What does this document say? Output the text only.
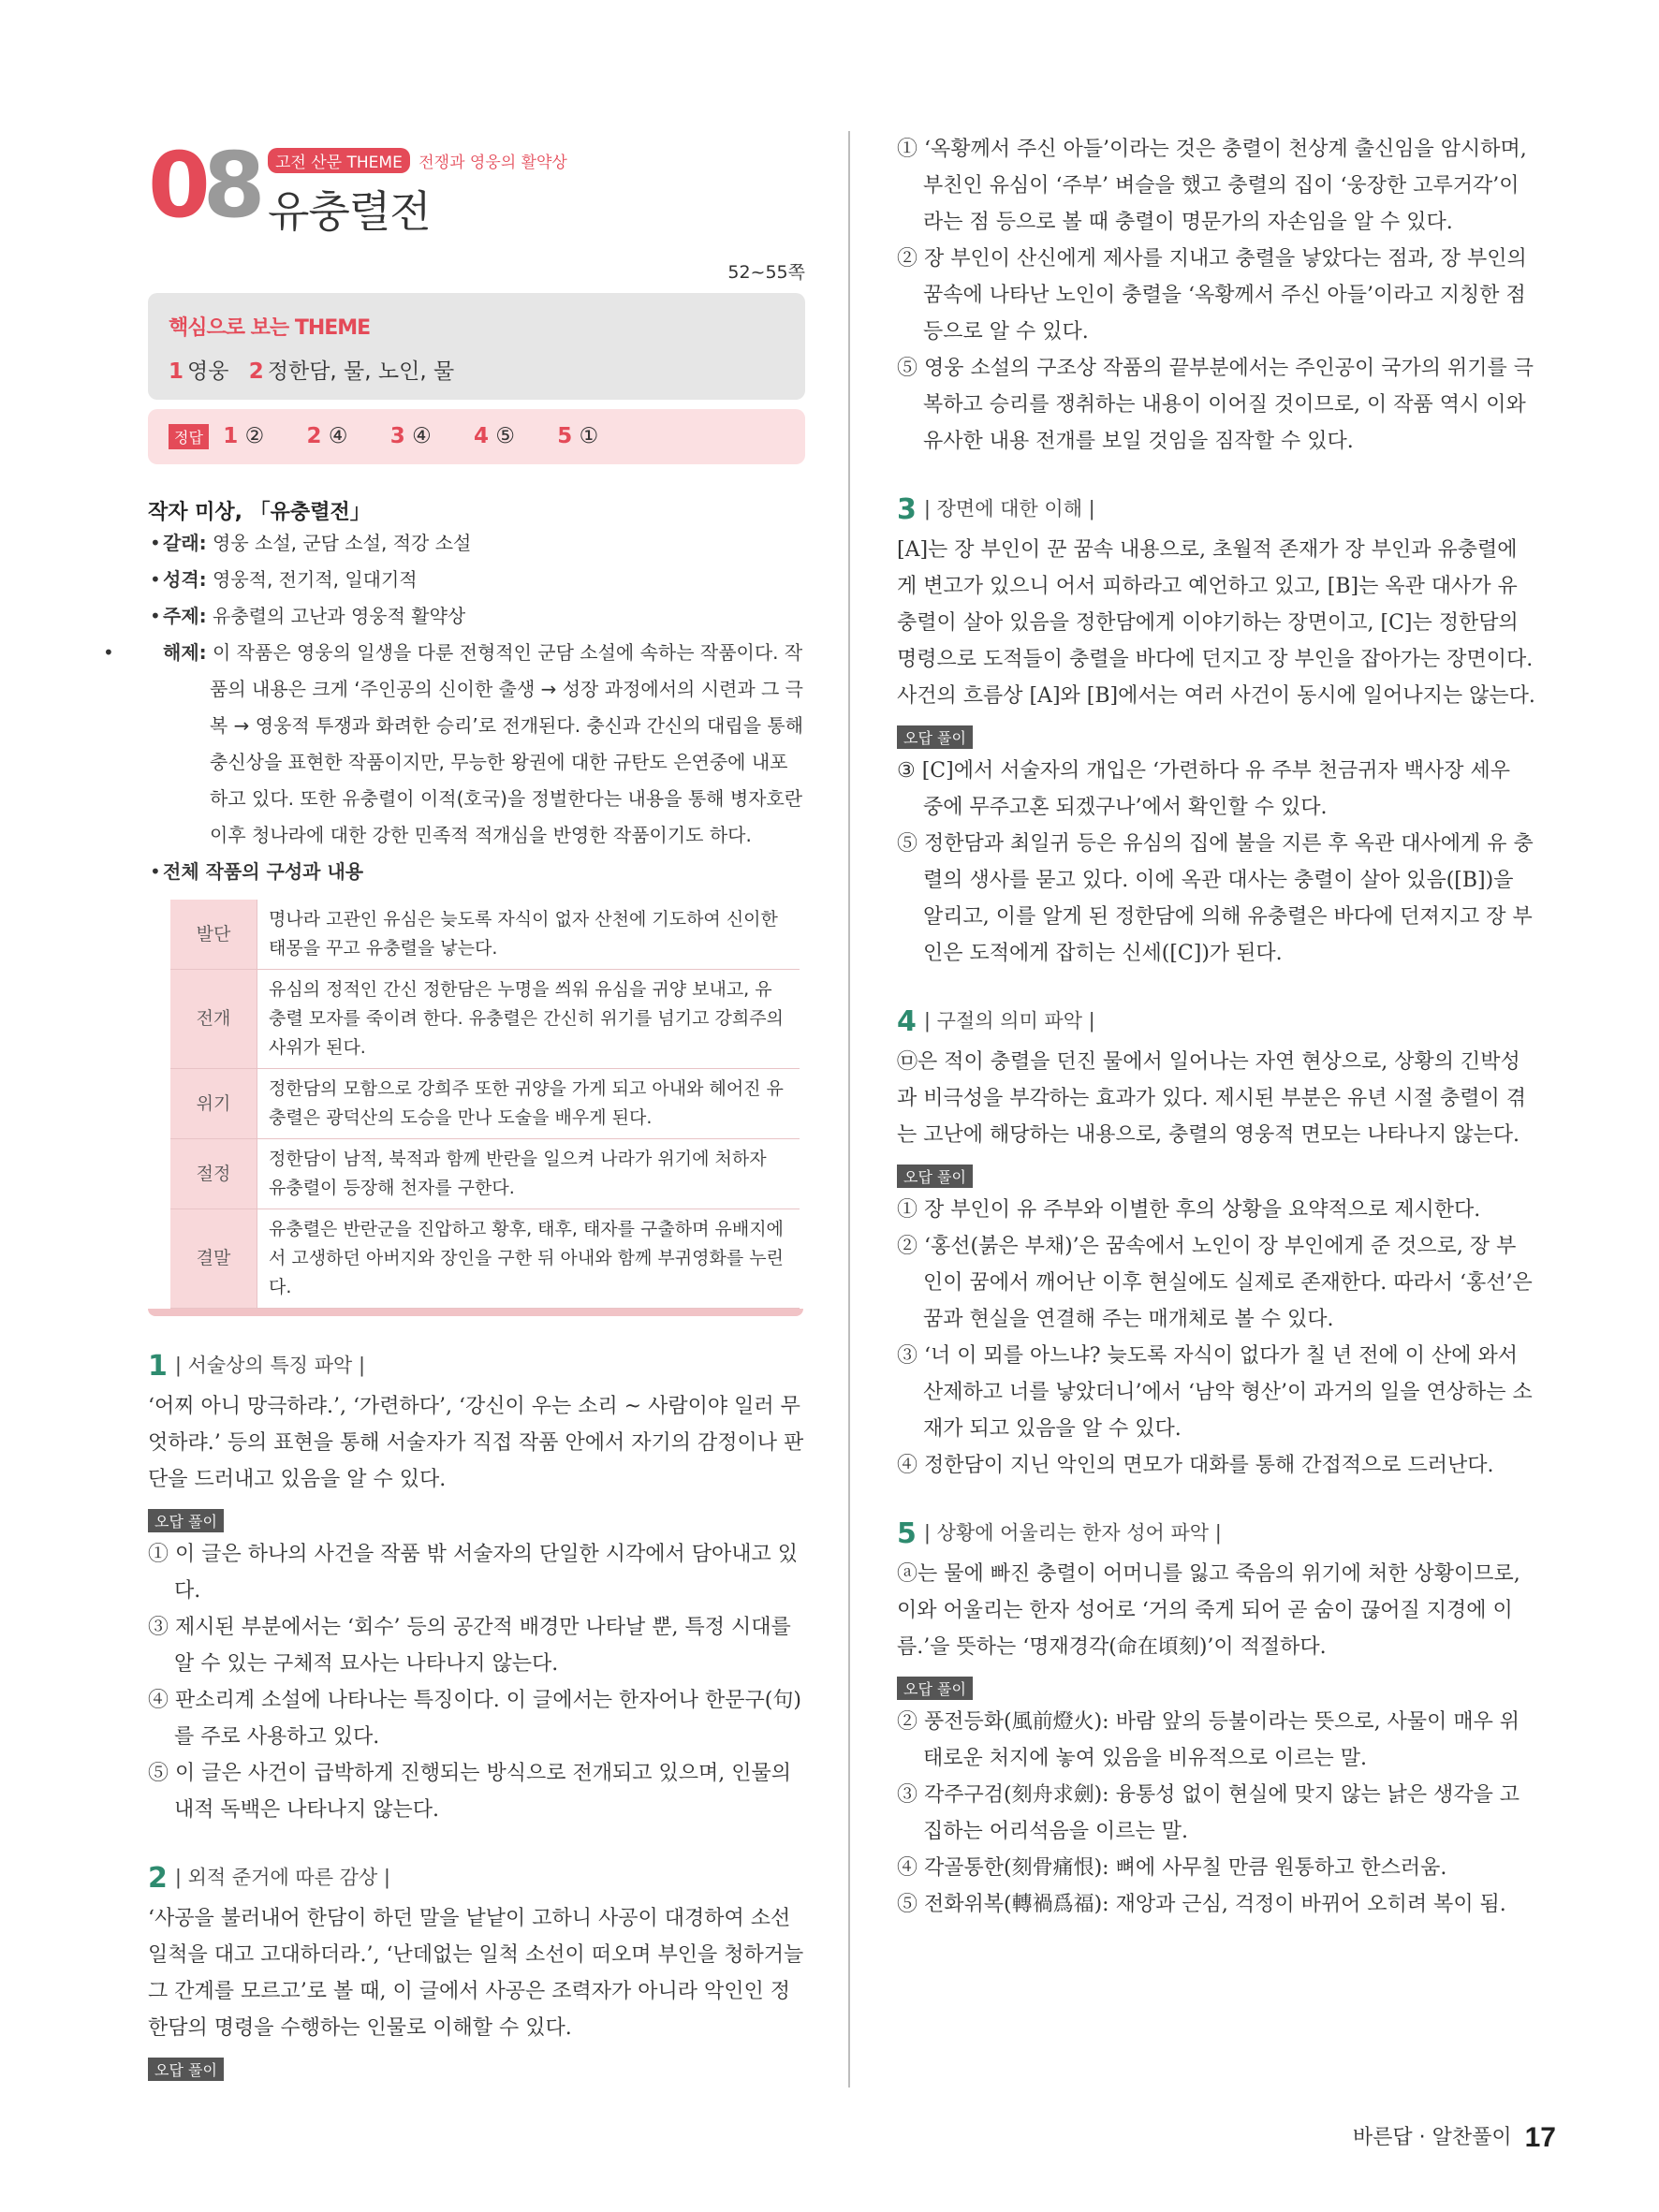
08	고전 산문 THEME 전쟁과 영웅의 활약상
유충렬전
52~55쪽
핵심으로 보는 THEME
1 영웅 2 정한담, 물, 노인, 물
정답 1 ② 2 ④ 3 ④ 4 ⑤ 5 ①
작자 미상, 「유충렬전」
• 갈래: 영웅 소설, 군담 소설, 적강 소설
• 성격: 영웅적, 전기적, 일대기적
• 주제: 유충렬의 고난과 영웅적 활약상
• 해제: 이 작품은 영웅의 일생을 다룬 전형적인 군담 소설에 속하는 작품이다. 작품의 내용은 크게 ‘주인공의 신이한 출생 → 성장 과정에서의 시련과 그 극복 → 영웅적 투쟁과 화려한 승리’로 전개된다. 충신과 간신의 대립을 통해 충신상을 표현한 작품이지만, 무능한 왕권에 대한 규탄도 은연중에 내포하고 있다. 또한 유충렬이 이적(호국)을 정벌한다는 내용을 통해 병자호란 이후 청나라에 대한 강한 민족적 적개심을 반영한 작품이기도 하다.
• 전체 작품의 구성과 내용
발단	명나라 고관인 유심은 늦도록 자식이 없자 산천에 기도하여 신이한 태몽을 꾸고 유충렬을 낳는다.
전개	유심의 정적인 간신 정한담은 누명을 씌워 유심을 귀양 보내고, 유충렬 모자를 죽이려 한다. 유충렬은 간신히 위기를 넘기고 강희주의 사위가 된다.
위기	정한담의 모함으로 강희주 또한 귀양을 가게 되고 아내와 헤어진 유충렬은 광덕산의 도승을 만나 도술을 배우게 된다.
절정	정한담이 남적, 북적과 함께 반란을 일으켜 나라가 위기에 처하자 유충렬이 등장해 천자를 구한다.
결말	유충렬은 반란군을 진압하고 황후, 태후, 태자를 구출하며 유배지에서 고생하던 아버지와 장인을 구한 뒤 아내와 함께 부귀영화를 누린다.
1 | 서술상의 특징 파악 |
‘어찌 아니 망극하랴.’, ‘가련하다’, ‘강신이 우는 소리 ~ 사람이야 일러 무엇하랴.’ 등의 표현을 통해 서술자가 직접 작품 안에서 자기의 감정이나 판단을 드러내고 있음을 알 수 있다.
오답 풀이
① 이 글은 하나의 사건을 작품 밖 서술자의 단일한 시각에서 담아내고 있다.
③ 제시된 부분에서는 ‘회수’ 등의 공간적 배경만 나타날 뿐, 특정 시대를 알 수 있는 구체적 묘사는 나타나지 않는다.
④ 판소리계 소설에 나타나는 특징이다. 이 글에서는 한자어나 한문구(句)를 주로 사용하고 있다.
⑤ 이 글은 사건이 급박하게 진행되는 방식으로 전개되고 있으며, 인물의 내적 독백은 나타나지 않는다.
2 | 외적 준거에 따른 감상 |
‘사공을 불러내어 한담이 하던 말을 낱낱이 고하니 사공이 대경하여 소선 일척을 대고 고대하더라.’, ‘난데없는 일척 소선이 떠오며 부인을 청하거늘 그 간계를 모르고’로 볼 때, 이 글에서 사공은 조력자가 아니라 악인인 정한담의 명령을 수행하는 인물로 이해할 수 있다.
오답 풀이
① ‘옥황께서 주신 아들’이라는 것은 충렬이 천상계 출신임을 암시하며, 부친인 유심이 ‘주부’ 벼슬을 했고 충렬의 집이 ‘웅장한 고루거각’이라는 점 등으로 볼 때 충렬이 명문가의 자손임을 알 수 있다.
② 장 부인이 산신에게 제사를 지내고 충렬을 낳았다는 점과, 장 부인의 꿈속에 나타난 노인이 충렬을 ‘옥황께서 주신 아들’이라고 지칭한 점 등으로 알 수 있다.
⑤ 영웅 소설의 구조상 작품의 끝부분에서는 주인공이 국가의 위기를 극복하고 승리를 쟁취하는 내용이 이어질 것이므로, 이 작품 역시 이와 유사한 내용 전개를 보일 것임을 짐작할 수 있다.
3 | 장면에 대한 이해 |
[A]는 장 부인이 꾼 꿈속 내용으로, 초월적 존재가 장 부인과 유충렬에게 변고가 있으니 어서 피하라고 예언하고 있고, [B]는 옥관 대사가 유충렬이 살아 있음을 정한담에게 이야기하는 장면이고, [C]는 정한담의 명령으로 도적들이 충렬을 바다에 던지고 장 부인을 잡아가는 장면이다. 사건의 흐름상 [A]와 [B]에서는 여러 사건이 동시에 일어나지는 않는다.
오답 풀이
③ [C]에서 서술자의 개입은 ‘가련하다 유 주부 천금귀자 백사장 세우 중에 무주고혼 되겠구나’에서 확인할 수 있다.
⑤ 정한담과 최일귀 등은 유심의 집에 불을 지른 후 옥관 대사에게 유 충렬의 생사를 묻고 있다. 이에 옥관 대사는 충렬이 살아 있음([B])을 알리고, 이를 알게 된 정한담에 의해 유충렬은 바다에 던져지고 장 부인은 도적에게 잡히는 신세([C])가 된다.
4 | 구절의 의미 파악 |
㉤은 적이 충렬을 던진 물에서 일어나는 자연 현상으로, 상황의 긴박성과 비극성을 부각하는 효과가 있다. 제시된 부분은 유년 시절 충렬이 겪는 고난에 해당하는 내용으로, 충렬의 영웅적 면모는 나타나지 않는다.
오답 풀이
① 장 부인이 유 주부와 이별한 후의 상황을 요약적으로 제시한다.
② ‘홍선(붉은 부채)’은 꿈속에서 노인이 장 부인에게 준 것으로, 장 부인이 꿈에서 깨어난 이후 현실에도 실제로 존재한다. 따라서 ‘홍선’은 꿈과 현실을 연결해 주는 매개체로 볼 수 있다.
③ ‘너 이 뫼를 아느냐? 늦도록 자식이 없다가 칠 년 전에 이 산에 와서 산제하고 너를 낳았더니’에서 ‘남악 형산’이 과거의 일을 연상하는 소재가 되고 있음을 알 수 있다.
④ 정한담이 지닌 악인의 면모가 대화를 통해 간접적으로 드러난다.
5 | 상황에 어울리는 한자 성어 파악 |
ⓐ는 물에 빠진 충렬이 어머니를 잃고 죽음의 위기에 처한 상황이므로, 이와 어울리는 한자 성어로 ‘거의 죽게 되어 곧 숨이 끊어질 지경에 이름.’을 뜻하는 ‘명재경각(命在頃刻)’이 적절하다.
오답 풀이
② 풍전등화(風前燈火): 바람 앞의 등불이라는 뜻으로, 사물이 매우 위태로운 처지에 놓여 있음을 비유적으로 이르는 말.
③ 각주구검(刻舟求劍): 융통성 없이 현실에 맞지 않는 낡은 생각을 고집하는 어리석음을 이르는 말.
④ 각골통한(刻骨痛恨): 뼈에 사무칠 만큼 원통하고 한스러움.
⑤ 전화위복(轉禍爲福): 재앙과 근심, 걱정이 바뀌어 오히려 복이 됨.
바른답 · 알찬풀이 17
